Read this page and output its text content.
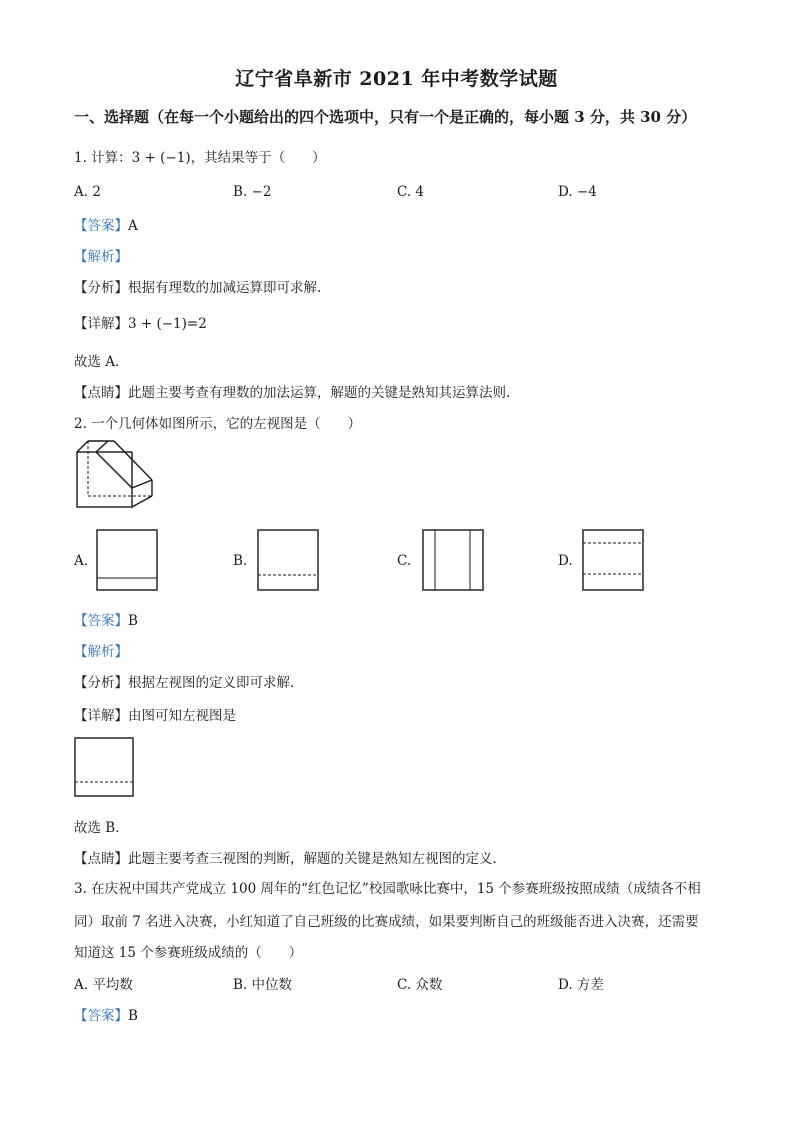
辽宁省阜新市 2021 年中考数学试题
一、选择题（在每一个小题给出的四个选项中，只有一个是正确的，每小题 3 分，共 30 分）
1. 计算：3 + (−1)，其结果等于（　　）
A. 2	B. −2	C. 4	D. −4
【答案】A
【解析】
【分析】根据有理数的加减运算即可求解.
【详解】3 + (−1)=2
故选 A．
【点睛】此题主要考查有理数的加法运算，解题的关键是熟知其运算法则.
2. 一个几何体如图所示，它的左视图是（　　）
A.	B.	C.	D.
【答案】B
【解析】
【分析】根据左视图的定义即可求解.
【详解】由图可知左视图是
故选 B．
【点睛】此题主要考查三视图的判断，解题的关键是熟知左视图的定义.
3. 在庆祝中国共产党成立 100 周年的“红色记忆”校园歌咏比赛中，15 个参赛班级按照成绩（成绩各不相
同）取前 7 名进入决赛，小红知道了自己班级的比赛成绩，如果要判断自己的班级能否进入决赛，还需要
知道这 15 个参赛班级成绩的（　　）
A. 平均数	B. 中位数	C. 众数	D. 方差
【答案】B
